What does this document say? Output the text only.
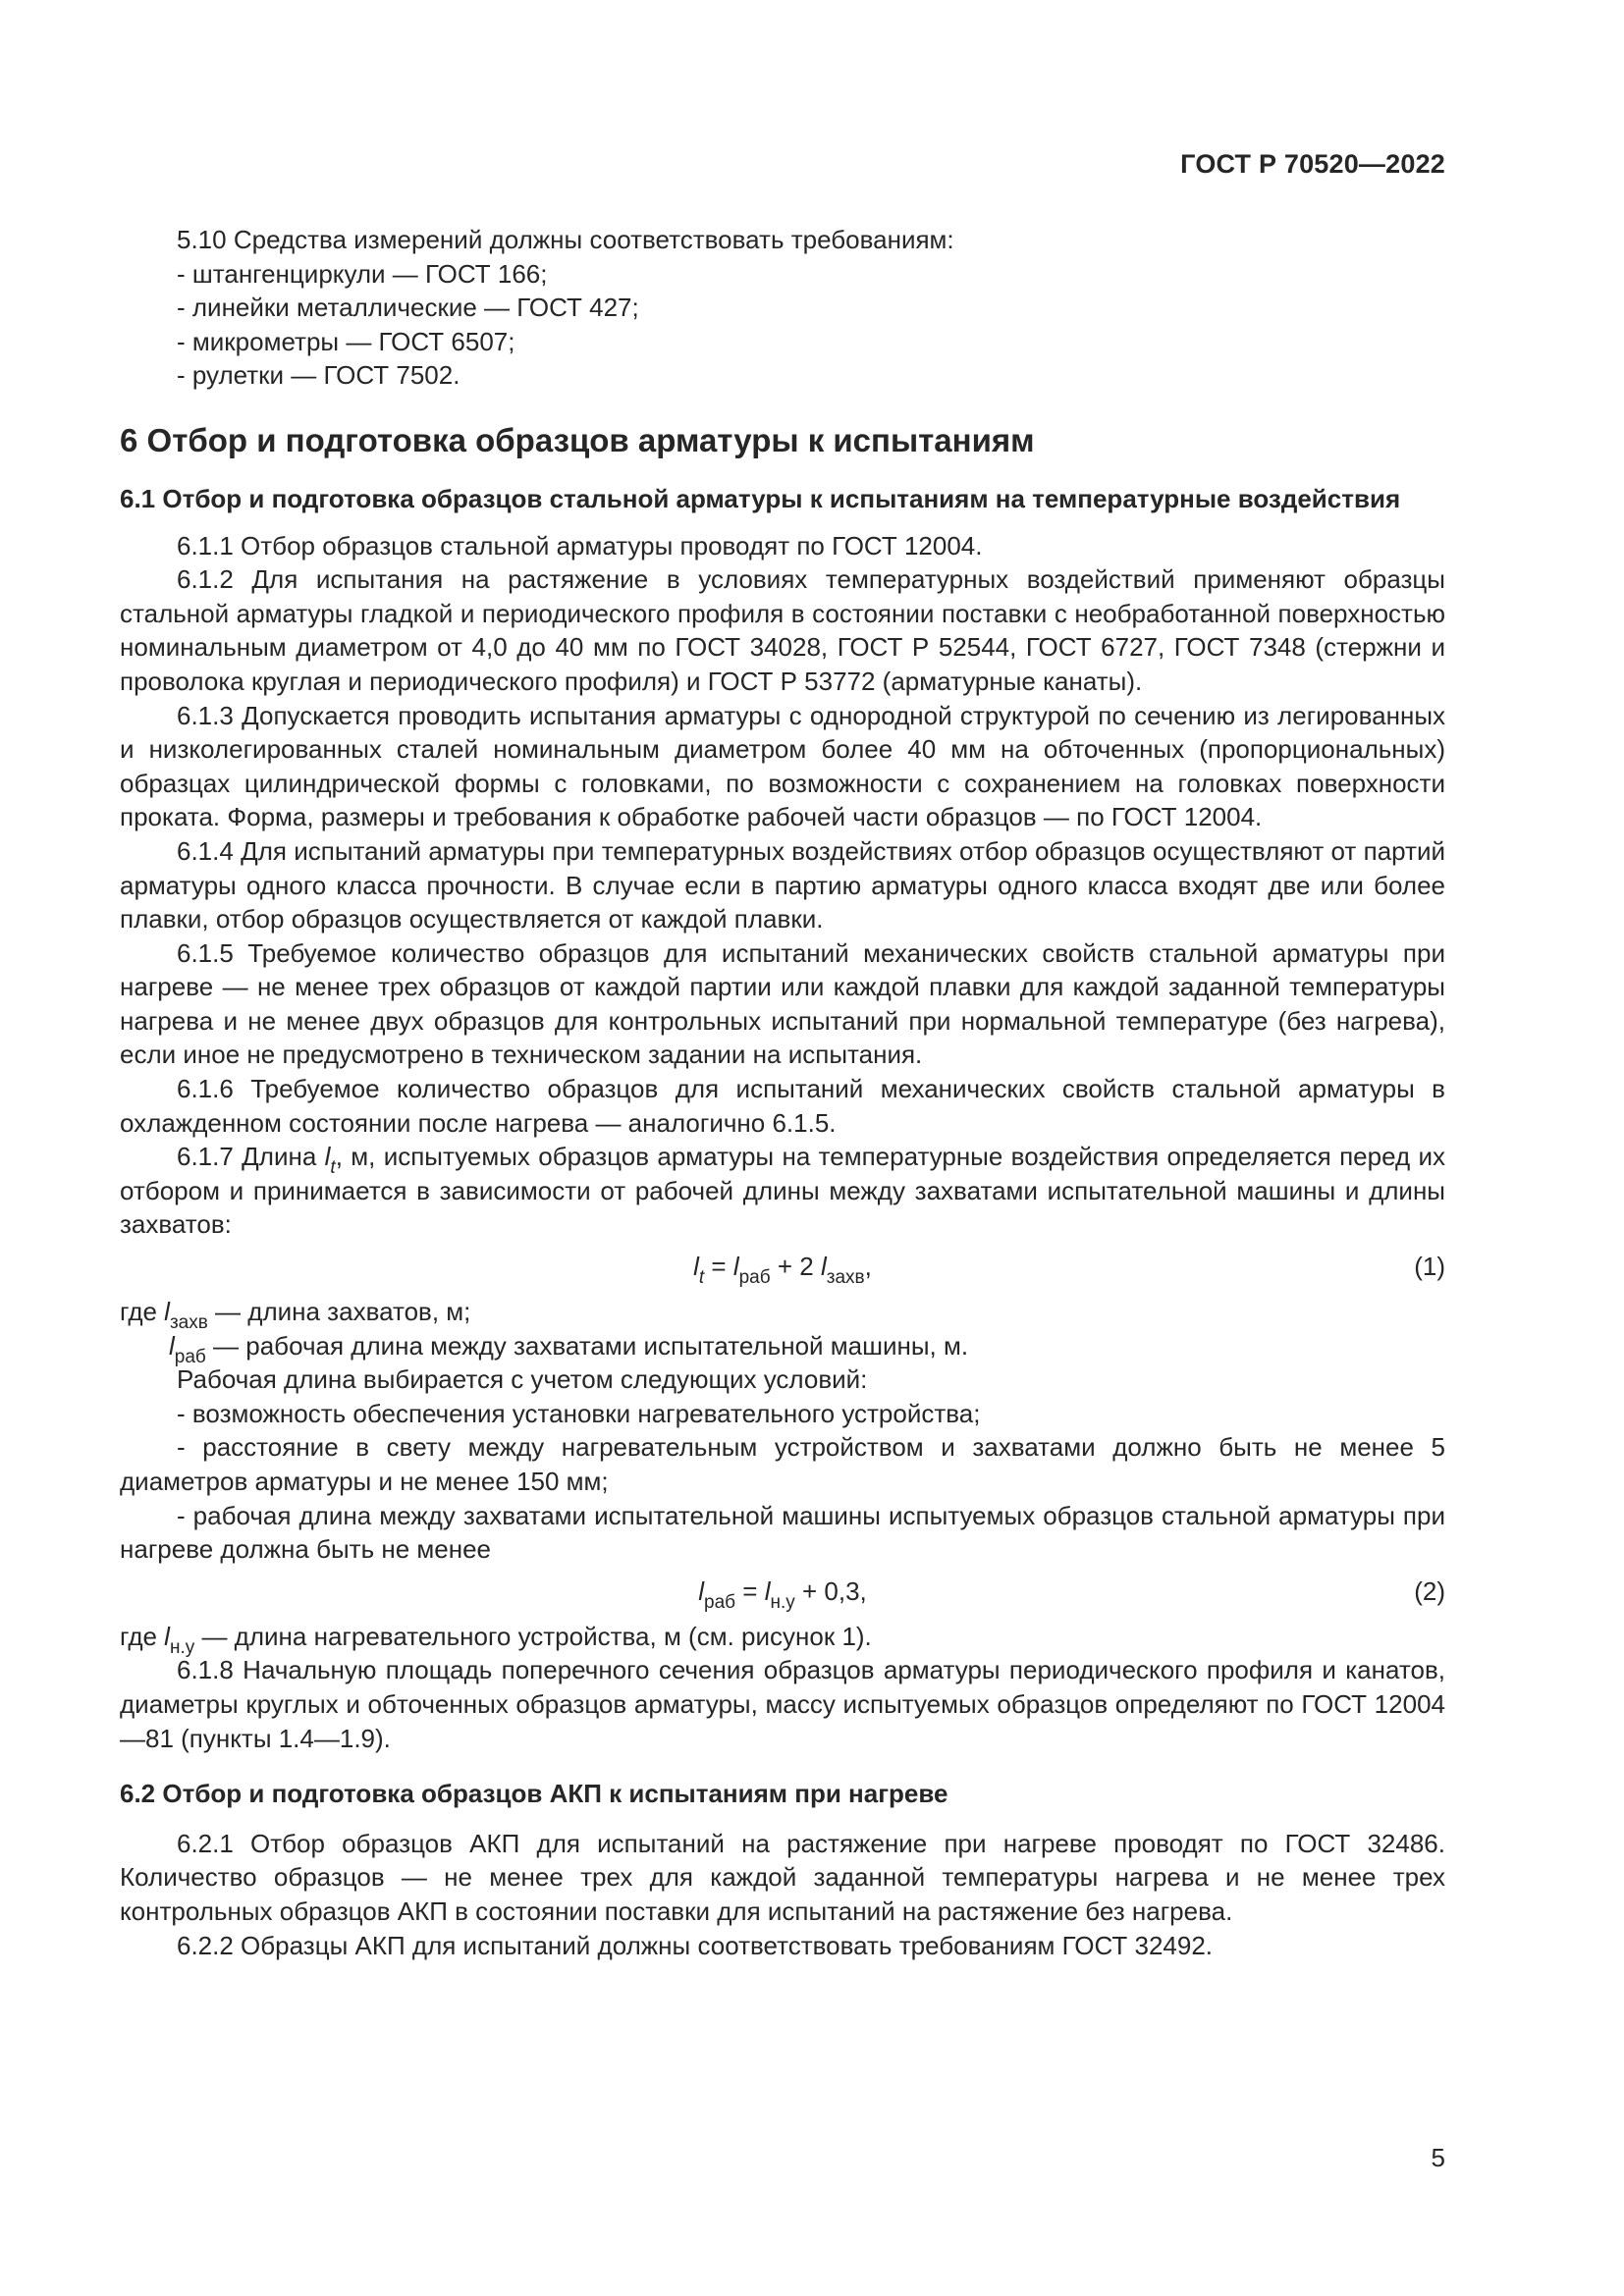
ГОСТ Р 70520—2022

5.10 Средства измерений должны соответствовать требованиям:

- штангенциркули — ГОСТ 166;

- линейки металлические — ГОСТ 427;

- микрометры — ГОСТ 6507;

- рулетки — ГОСТ 7502.

6 Отбор и подготовка образцов арматуры к испытаниям
6.1 Отбор и подготовка образцов стальной арматуры к испытаниям на температурные воздействия

6.1.1 Отбор образцов стальной арматуры проводят по ГОСТ 12004.

6.1.2 Для испытания на растяжение в условиях температурных воздействий применяют образцы стальной арматуры гладкой и периодического профиля в состоянии поставки с необработанной поверхностью номинальным диаметром от 4,0 до 40 мм по ГОСТ 34028, ГОСТ Р 52544, ГОСТ 6727, ГОСТ 7348 (стержни и проволока круглая и периодического профиля) и ГОСТ Р 53772 (арматурные канаты).

6.1.3 Допускается проводить испытания арматуры с однородной структурой по сечению из легированных и низколегированных сталей номинальным диаметром более 40 мм на обточенных (пропорциональных) образцах цилиндрической формы с головками, по возможности с сохранением на головках поверхности проката. Форма, размеры и требования к обработке рабочей части образцов — по ГОСТ 12004.

6.1.4 Для испытаний арматуры при температурных воздействиях отбор образцов осуществляют от партий арматуры одного класса прочности. В случае если в партию арматуры одного класса входят две или более плавки, отбор образцов осуществляется от каждой плавки.

6.1.5 Требуемое количество образцов для испытаний механических свойств стальной арматуры при нагреве — не менее трех образцов от каждой партии или каждой плавки для каждой заданной температуры нагрева и не менее двух образцов для контрольных испытаний при нормальной температуре (без нагрева), если иное не предусмотрено в техническом задании на испытания.

6.1.6 Требуемое количество образцов для испытаний механических свойств стальной арматуры в охлажденном состоянии после нагрева — аналогично 6.1.5.

6.1.7 Длина $l_t$, м, испытуемых образцов арматуры на температурные воздействия определяется перед их отбором и принимается в зависимости от рабочей длины между захватами испытательной машины и длины захватов:

$l_t = l_{раб} + 2$ $l_{захв}$,	(1)

где $l_{захв}$ — длина захватов, м;

$l_{раб}$ — рабочая длина между захватами испытательной машины, м.

Рабочая длина выбирается с учетом следующих условий:

- возможность обеспечения установки нагревательного устройства;

- расстояние в свету между нагревательным устройством и захватами должно быть не менее 5 диаметров арматуры и не менее 150 мм;

- рабочая длина между захватами испытательной машины испытуемых образцов стальной арматуры при нагреве должна быть не менее

$l_{раб} = l_{н.у} + 0,3$,	(2)

где $l_{н.у}$ — длина нагревательного устройства, м (см. рисунок 1).

6.1.8 Начальную площадь поперечного сечения образцов арматуры периодического профиля и канатов, диаметры круглых и обточенных образцов арматуры, массу испытуемых образцов определяют по ГОСТ 12004—81 (пункты 1.4—1.9).

6.2 Отбор и подготовка образцов АКП к испытаниям при нагреве

6.2.1 Отбор образцов АКП для испытаний на растяжение при нагреве проводят по ГОСТ 32486. Количество образцов — не менее трех для каждой заданной температуры нагрева и не менее трех контрольных образцов АКП в состоянии поставки для испытаний на растяжение без нагрева.

6.2.2 Образцы АКП для испытаний должны соответствовать требованиям ГОСТ 32492.

5
